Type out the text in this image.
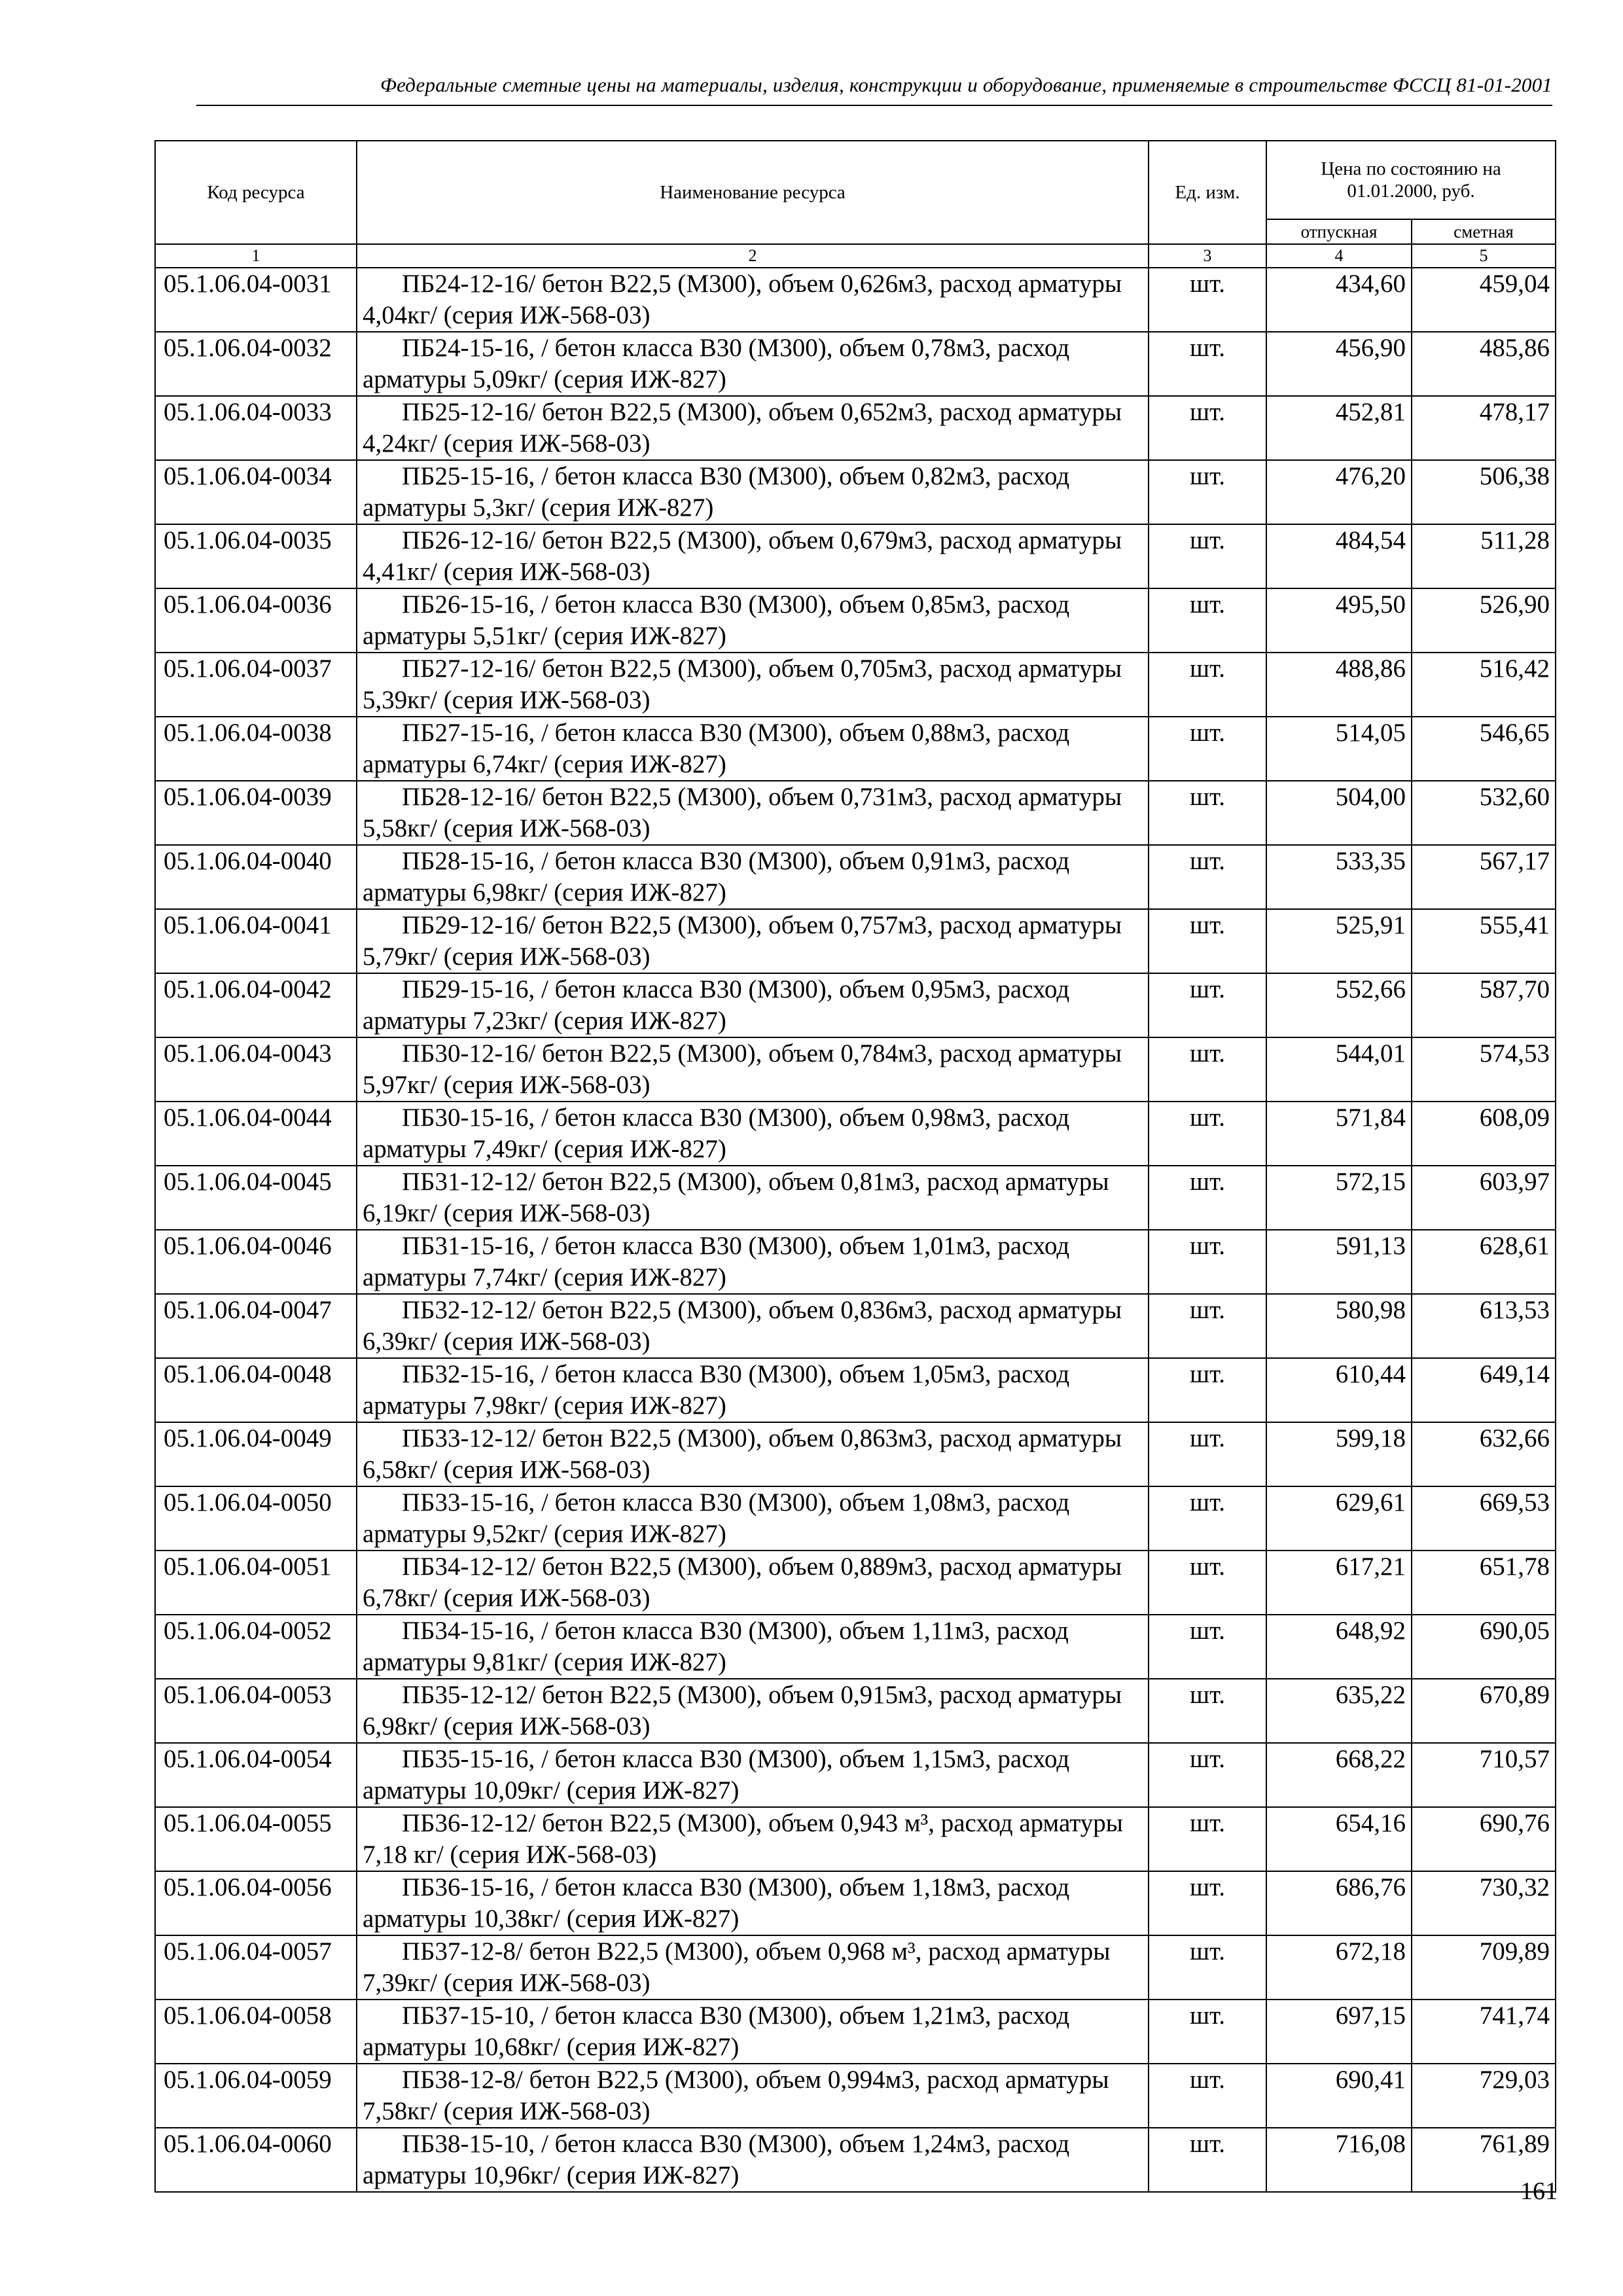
Федеральные сметные цены на материалы, изделия, конструкции и оборудование, применяемые в строительстве ФССЦ 81-01-2001
Код ресурса	Наименование ресурса	Ед. изм.	Цена по состоянию на 01.01.2000, руб.	
			отпускная	сметная
1	2	3	4	5
05.1.06.04-0031	ПБ24-12-16/ бетон В22,5 (М300), объем 0,626м3, расход арматуры 4,04кг/ (серия ИЖ-568-03)	шт.	434,60	459,04
05.1.06.04-0032	ПБ24-15-16, / бетон класса В30 (М300), объем 0,78м3, расход арматуры 5,09кг/ (серия ИЖ-827)	шт.	456,90	485,86
05.1.06.04-0033	ПБ25-12-16/ бетон В22,5 (М300), объем 0,652м3, расход арматуры 4,24кг/ (серия ИЖ-568-03)	шт.	452,81	478,17
05.1.06.04-0034	ПБ25-15-16, / бетон класса В30 (М300), объем 0,82м3, расход арматуры 5,3кг/ (серия ИЖ-827)	шт.	476,20	506,38
05.1.06.04-0035	ПБ26-12-16/ бетон В22,5 (М300), объем 0,679м3, расход арматуры 4,41кг/ (серия ИЖ-568-03)	шт.	484,54	511,28
05.1.06.04-0036	ПБ26-15-16, / бетон класса В30 (М300), объем 0,85м3, расход арматуры 5,51кг/ (серия ИЖ-827)	шт.	495,50	526,90
05.1.06.04-0037	ПБ27-12-16/ бетон В22,5 (М300), объем 0,705м3, расход арматуры 5,39кг/ (серия ИЖ-568-03)	шт.	488,86	516,42
05.1.06.04-0038	ПБ27-15-16, / бетон класса В30 (М300), объем 0,88м3, расход арматуры 6,74кг/ (серия ИЖ-827)	шт.	514,05	546,65
05.1.06.04-0039	ПБ28-12-16/ бетон В22,5 (М300), объем 0,731м3, расход арматуры 5,58кг/ (серия ИЖ-568-03)	шт.	504,00	532,60
05.1.06.04-0040	ПБ28-15-16, / бетон класса В30 (М300), объем 0,91м3, расход арматуры 6,98кг/ (серия ИЖ-827)	шт.	533,35	567,17
05.1.06.04-0041	ПБ29-12-16/ бетон В22,5 (М300), объем 0,757м3, расход арматуры 5,79кг/ (серия ИЖ-568-03)	шт.	525,91	555,41
05.1.06.04-0042	ПБ29-15-16, / бетон класса В30 (М300), объем 0,95м3, расход арматуры 7,23кг/ (серия ИЖ-827)	шт.	552,66	587,70
05.1.06.04-0043	ПБ30-12-16/ бетон В22,5 (М300), объем 0,784м3, расход арматуры 5,97кг/ (серия ИЖ-568-03)	шт.	544,01	574,53
05.1.06.04-0044	ПБ30-15-16, / бетон класса В30 (М300), объем 0,98м3, расход арматуры 7,49кг/ (серия ИЖ-827)	шт.	571,84	608,09
05.1.06.04-0045	ПБ31-12-12/ бетон В22,5 (М300), объем 0,81м3, расход арматуры 6,19кг/ (серия ИЖ-568-03)	шт.	572,15	603,97
05.1.06.04-0046	ПБ31-15-16, / бетон класса В30 (М300), объем 1,01м3, расход арматуры 7,74кг/ (серия ИЖ-827)	шт.	591,13	628,61
05.1.06.04-0047	ПБ32-12-12/ бетон В22,5 (М300), объем 0,836м3, расход арматуры 6,39кг/ (серия ИЖ-568-03)	шт.	580,98	613,53
05.1.06.04-0048	ПБ32-15-16, / бетон класса В30 (М300), объем 1,05м3, расход арматуры 7,98кг/ (серия ИЖ-827)	шт.	610,44	649,14
05.1.06.04-0049	ПБ33-12-12/ бетон В22,5 (М300), объем 0,863м3, расход арматуры 6,58кг/ (серия ИЖ-568-03)	шт.	599,18	632,66
05.1.06.04-0050	ПБ33-15-16, / бетон класса В30 (М300), объем 1,08м3, расход арматуры 9,52кг/ (серия ИЖ-827)	шт.	629,61	669,53
05.1.06.04-0051	ПБ34-12-12/ бетон В22,5 (М300), объем 0,889м3, расход арматуры 6,78кг/ (серия ИЖ-568-03)	шт.	617,21	651,78
05.1.06.04-0052	ПБ34-15-16, / бетон класса В30 (М300), объем 1,11м3, расход арматуры 9,81кг/ (серия ИЖ-827)	шт.	648,92	690,05
05.1.06.04-0053	ПБ35-12-12/ бетон В22,5 (М300), объем 0,915м3, расход арматуры 6,98кг/ (серия ИЖ-568-03)	шт.	635,22	670,89
05.1.06.04-0054	ПБ35-15-16, / бетон класса В30 (М300), объем 1,15м3, расход арматуры 10,09кг/ (серия ИЖ-827)	шт.	668,22	710,57
05.1.06.04-0055	ПБ36-12-12/ бетон В22,5 (М300), объем 0,943 м³, расход арматуры 7,18 кг/ (серия ИЖ-568-03)	шт.	654,16	690,76
05.1.06.04-0056	ПБ36-15-16, / бетон класса В30 (М300), объем 1,18м3, расход арматуры 10,38кг/ (серия ИЖ-827)	шт.	686,76	730,32
05.1.06.04-0057	ПБ37-12-8/ бетон В22,5 (М300), объем 0,968 м³, расход арматуры 7,39кг/ (серия ИЖ-568-03)	шт.	672,18	709,89
05.1.06.04-0058	ПБ37-15-10, / бетон класса В30 (М300), объем 1,21м3, расход арматуры 10,68кг/ (серия ИЖ-827)	шт.	697,15	741,74
05.1.06.04-0059	ПБ38-12-8/ бетон В22,5 (М300), объем 0,994м3, расход арматуры 7,58кг/ (серия ИЖ-568-03)	шт.	690,41	729,03
05.1.06.04-0060	ПБ38-15-10, / бетон класса В30 (М300), объем 1,24м3, расход арматуры 10,96кг/ (серия ИЖ-827)	шт.	716,08	761,89
161
